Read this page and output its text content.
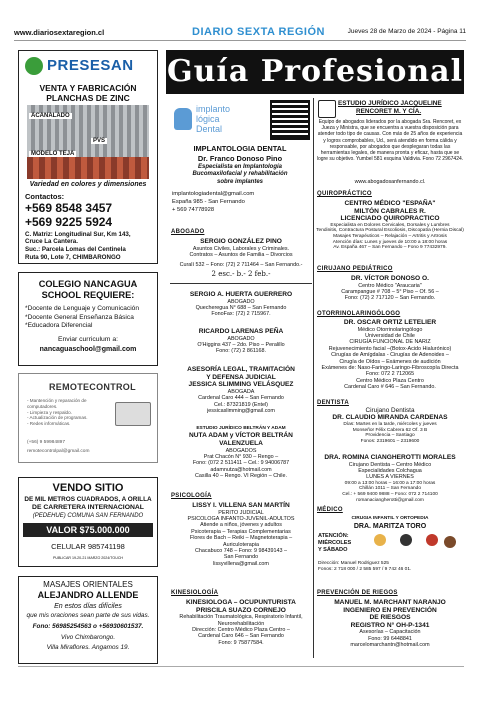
www.diariosextaregion.cl	DIARIO SEXTA REGIÓN	Jueves 28 de Marzo de 2024 - Página 11
PRESESAN
VENTA Y FABRICACIÓN
PLANCHAS DE ZINC
ACANALADO
PVS
MODELO TEJA
Variedad en colores y dimensiones
Contactos:
+569 8548 3457
+569 9225 5924
C. Matriz: Longitudinal Sur, Km 143,
Cruce La Cantera.
Suc.: Parcela Lomas del Centinela
Ruta 90, Lote 7, CHIMBARONGO
COLEGIO NANCAGUA SCHOOL REQUIERE:
*Docente de Lenguaje y Comunicación
*Docente General Enseñanza Básica
*Educadora Diferencial
Enviar curriculum a:
nancaguaschool@gmail.com
REMOTECONTROL
- Mantención y reparación de computadores.
- Limpieza y respaldo.
- Actualización de programas.
- Redes informáticas.
(+56) 9 59984897
remotecontrolpal@gmail.com
VENDO SITIO
DE MIL METROS CUADRADOS, A ORILLA
DE CARRETERA INTERNACIONAL
(PEDEHUE) COMUNA SAN FERNANDO
VALOR $75.000.000
CELULAR 985741198
PUBLICAR 19-20-21 MARZO 2024/TOUCH
MASAJES ORIENTALES
ALEJANDRO ALLENDE
En estos días difíciles
que mis oraciones sean parte de sus vidas.
Fono: 56985254563 o +56930601537.
Vivo Chimbarongo.
Villa Miraflores. Angamos 19.
Guía Profesional
implanto
lógica
Dental
IMPLANTOLOGIA DENTAL
Dr. Franco Donoso Pino
Especialista en Implantología
Bucomaxilofacial y rehabilitación
sobre implantes
implantologiadental@gmail.com
España 985 - San Fernando
+ 569 74778928
ABOGADO
SERGIO GONZÁLEZ PINO
Asuntos Civiles, Laborales y Criminales.
Contratos – Asuntos de Familia – Divorcios
Curalí 532 – Fono: (72) 2 711464 – San Fernando.-
2 esc.- b.- 2 feb.-
SERGIO A. HUERTA GUERRERO
ABOGADO
Quecheregua N° 688 – San Fernando
FonoFax: (72) 2 715967.
RICARDO LARENAS PEÑA
ABOGADO
O'Higgins 437 – 2do. Piso – Peralillo
Fono: (72) 2 861168.
ASESORÍA LEGAL, TRAMITACIÓN
Y DEFENSA JUDICIAL
JESSICA SLIMMING VELÁSQUEZ
ABOGADA
Cardenal Caro 444 – San Fernando
Cel.: 87321819 (Entel)
jessicaslimming@gmail.com
ESTUDIO JURÍDICO BELTRÁN Y ADAM
NUTA ADAM y VÍCTOR BELTRÁN
VALENZUELA
ABOGADOS
Prat Chacón N° 930 – Rengo –
Fono: (072 2 511411 – Cel.: 9 94006787
adamnutza@hotmail.com
Casilla 40 – Rengo. VI Región – Chile.
PSICOLOGÍA
LISSY I. VILLENA SAN MARTÍN
PERITO JUDICIAL
PSICOLOGA INFANTO-JUVENIL-ADULTOS
Atiende a niños, jóvenes y adultos
Psicoterapia – Terapias Complementarias
Flores de Bach – Reiki – Magnetoterapia –
Auriculoterapia
Chacabuco 748 – Fono: 9 98439143 –
San Fernando
lissyvillena@gmail.com
KINESIOLOGÍA
KINESIOLOGA – OCUPUNTURISTA
PRISCILA SUAZO CORNEJO
Rehabilitación Traumatológica, Respiratorio Infantil,
Neurorehabilitación
Dirección: Centro Médico Plaza Centro –
Cardenal Caro 646 – San Fernando
Fono: 9 75877584.
ESTUDIO JURÍDICO JACQUELINE
RENCORET M. Y CÍA.
Equipo de abogados liderados por la abogada Sra. Rencoret, ex Jueza y Ministra, que se encuentra a vuestra disposición para atender todo tipo de causas. Con más de 25 años de experiencia y logros comprobables, Ud., será atendido en forma cálida y responsable, por abogados que desplegaran todas las herramientas legales, de manera pronta y eficaz, hasta que se logre su objetivo. Yumbel 581 esquina Valdivia. Fono 72 2967424.
www.abogadosanfernando.cl.
QUIROPRÁCTICO
CENTRO MÉDICO "ESPAÑA"
MILTÓN CABRALES R.
LICENCIADO QUIROPRACTICO
Especialista en Dolores Cervicales, Dorsales y Lumbres
Tendinitis, Contractura Postural Escoliosis, Discopatía (Hernia Discal)
Masajes Terapéuticos – Relajación – Artritis y Artrosis
Atención días: Lunes y jueves de 10:00 a 18:00 horas
Av. España 467 – San Fernando – Fono 9 77432979.
CIRUJANO PEDIÁTRICO
DR. VÍCTOR DONOSO O.
Centro Médico "Araucaria"
Carampangue # 708 – 5° Piso – Of. 56 –
Fono: (72) 2 717120 – San Fernando.
OTORRINOLARINGÓLOGO
DR. OSCAR ORTIZ LETELIER
Médico Otorrinolaringólogo
Universidad de Chile
CIRUGÍA FUNCIONAL DE NARIZ
Rejuvenecimiento facial –(Botox-Acido Hialurónico)
Cirugías de Amígdalas - Cirugías de Adenoides –
Cirugía de Oídos – Exámenes de audición
Exámenes de: Naso-Faringo-Laringo-Fibroscopía Directa
Fono: 072 2 712065
Centro Médico Plaza Centro
Cardenal Caro # 646 – San Fernando.
DENTISTA
Cirujano Dentista
DR. CLAUDIO MIRANDA CARDENAS
Días: Martes en la tarde, miércoles y jueves
Monseñor Félix Cabrera 62 Of. 3 B
Providencia – Santiago
Fonos: 2319601 – 2319600
DRA. ROMINA CIANGHEROTTI MORALES
Cirujano Dentista – Centro Médico
Especialidades Colchagua
LUNES A VIERNES
09:00 a 13:00 horas – 16:00 a 17:00 horas
Chillán 1011 – San Fernando
Cel.: + 569 9400 9888 – Fono: 072 2 714100
romanaciangherotti@gmail.com
MÉDICO
CIRUGIA INFANTIL Y ORTOPEDIA
DRA. MARITZA TORO
ATENCIÓN:
MIÉRCOLES
Y SÁBADO
Dirección: Manuel Rodriguez 525
Fonos: 2 718 000 / 2 585 597 / 9 742 46 01.
PREVENCIÓN DE RIEGOS
MANUEL M. MARCHANT NARANJO
INGENIERO EN PREVENCIÓN
DE RIESGOS
REGISTRO N° OH-P-1341
Asesorías – Capacitación
Fono: 99 6448841
marcelomarchantn@hotmail.com
